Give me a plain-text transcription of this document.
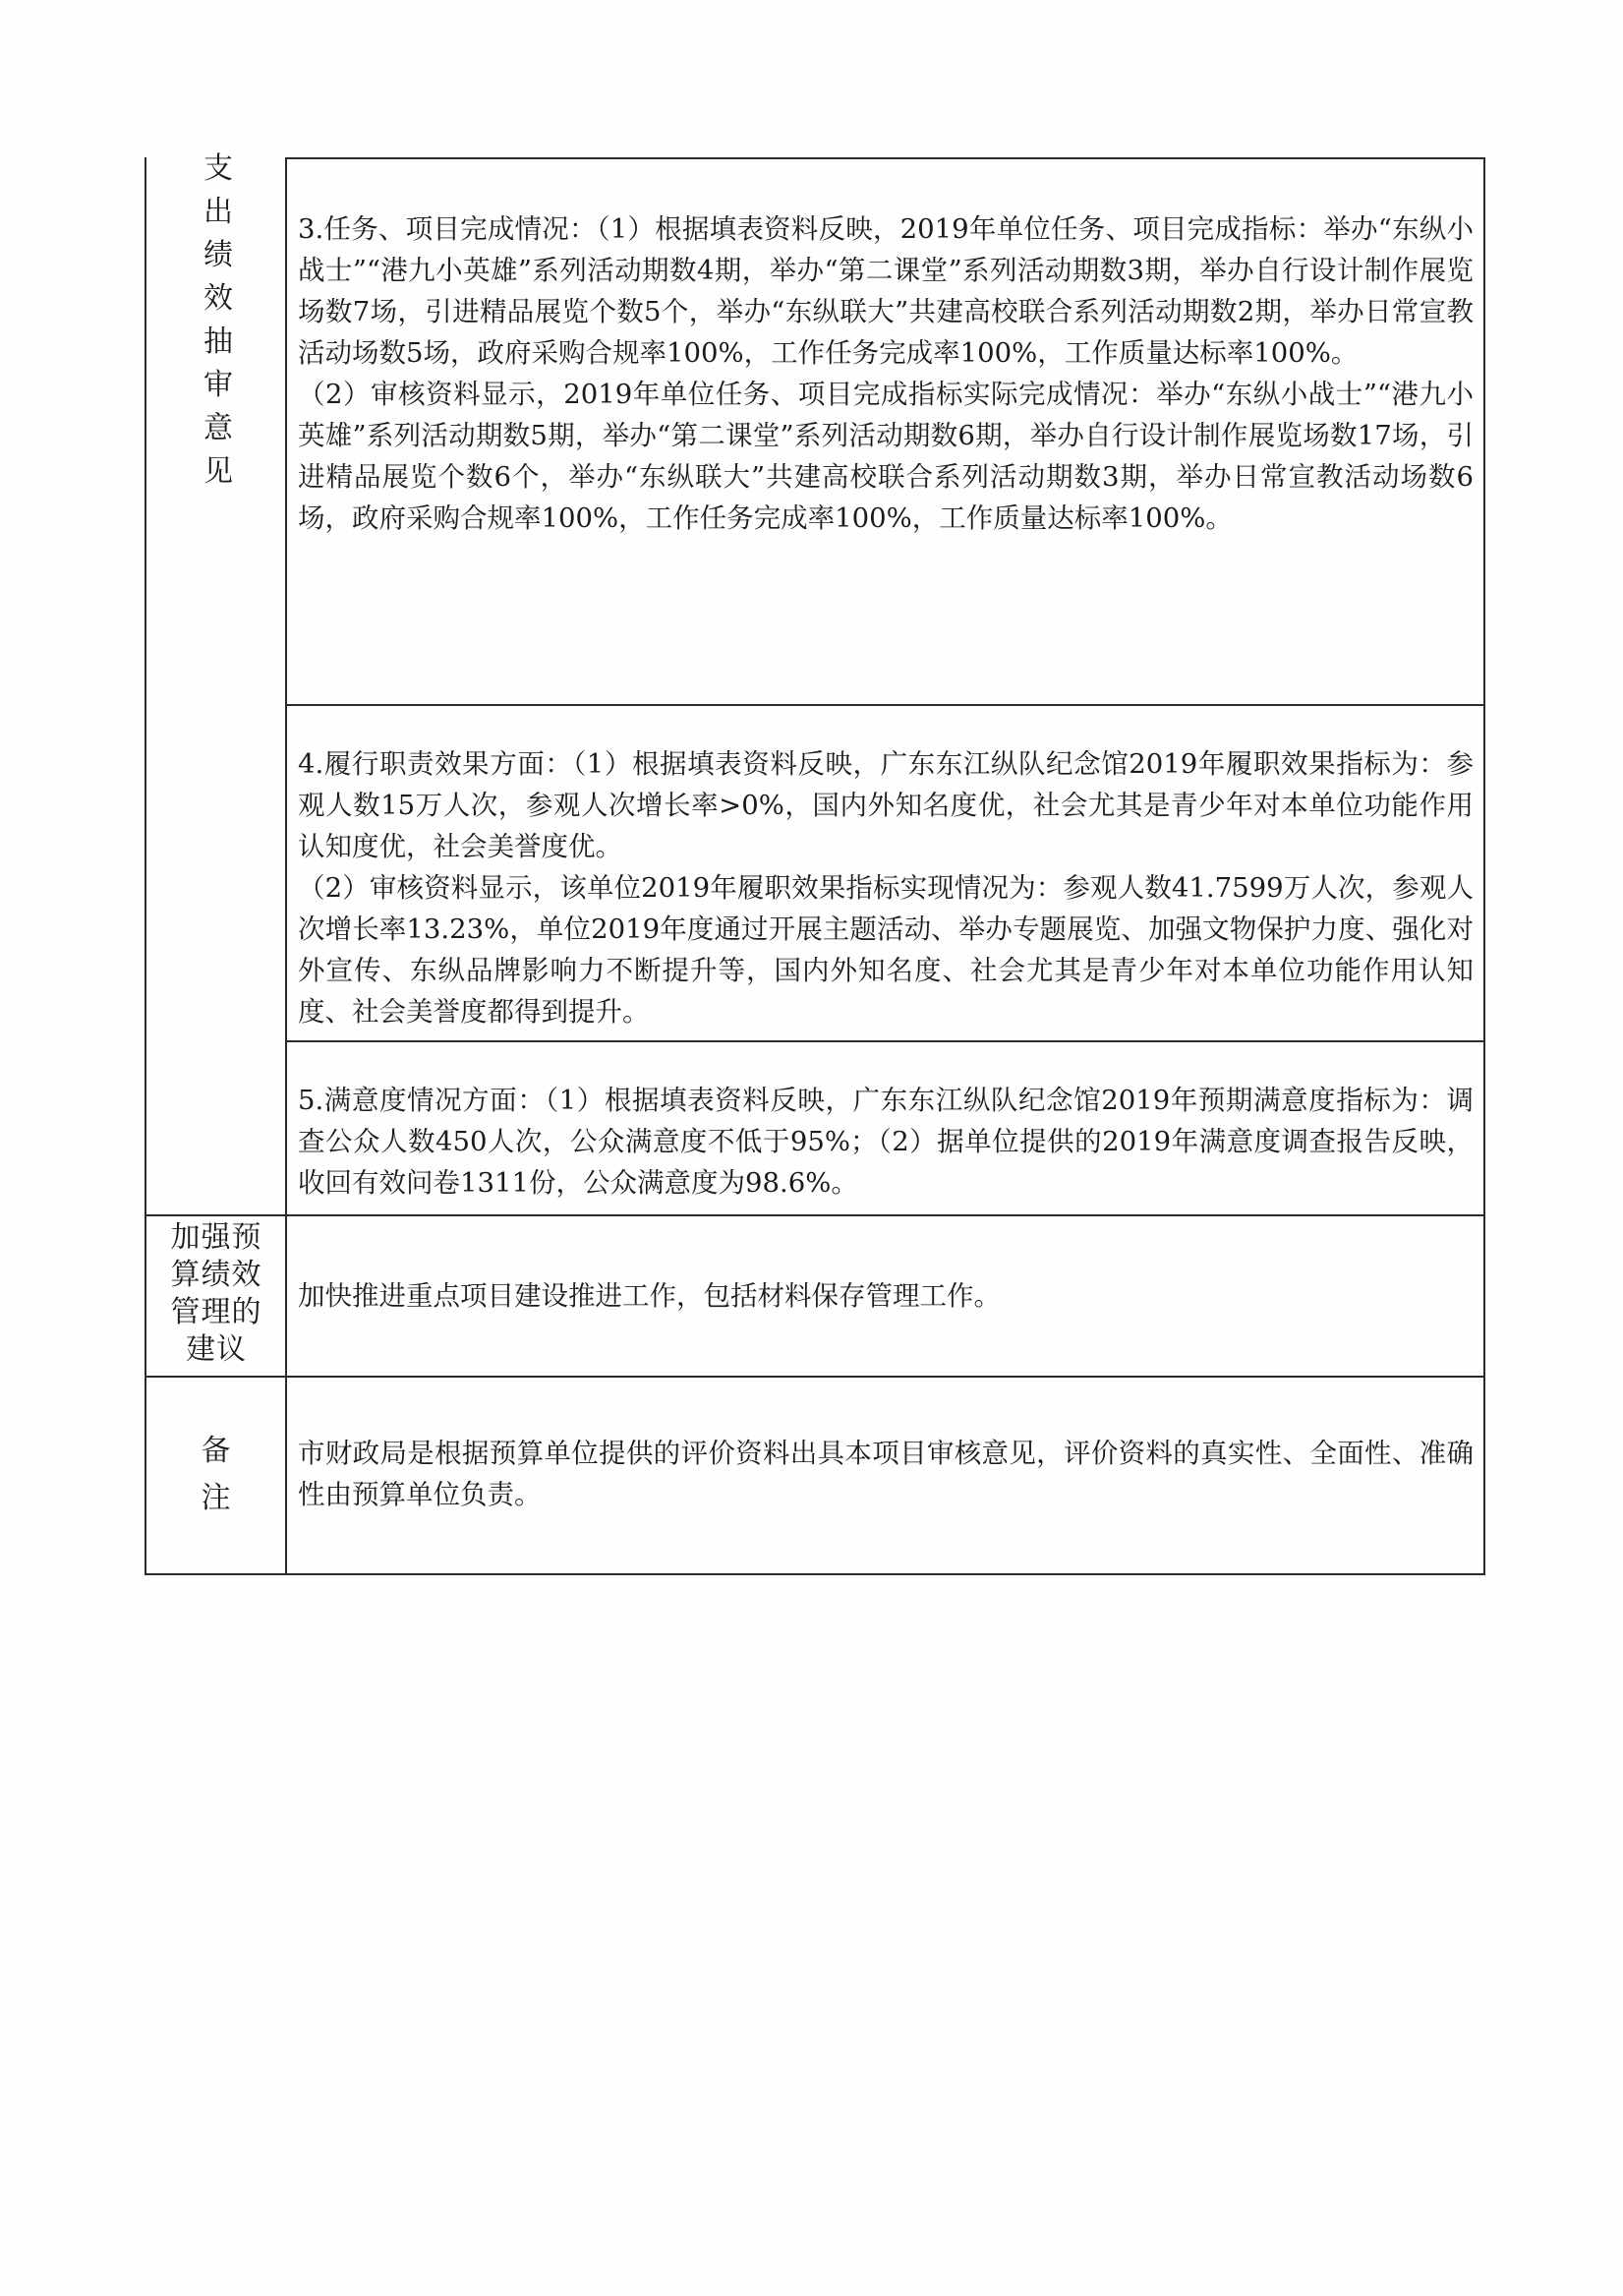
支
出
绩
效
抽
审
意
见

3.任务、项目完成情况：（1）根据填表资料反映，2019年单位任务、项目完成指标：举办“东纵小战士”“港九小英雄”系列活动期数4期，举办“第二课堂”系列活动期数3期，举办自行设计制作展览场数7场，引进精品展览个数5个，举办“东纵联大”共建高校联合系列活动期数2期，举办日常宣教活动场数5场，政府采购合规率100%，工作任务完成率100%，工作质量达标率100%。

（2）审核资料显示，2019年单位任务、项目完成指标实际完成情况：举办“东纵小战士”“港九小英雄”系列活动期数5期，举办“第二课堂”系列活动期数6期，举办自行设计制作展览场数17场，引进精品展览个数6个，举办“东纵联大”共建高校联合系列活动期数3期，举办日常宣教活动场数6场，政府采购合规率100%，工作任务完成率100%，工作质量达标率100%。

4.履行职责效果方面：（1）根据填表资料反映，广东东江纵队纪念馆2019年履职效果指标为：参观人数15万人次，参观人次增长率>0%，国内外知名度优，社会尤其是青少年对本单位功能作用认知度优，社会美誉度优。

（2）审核资料显示，该单位2019年履职效果指标实现情况为：参观人数41.7599万人次，参观人次增长率13.23%，单位2019年度通过开展主题活动、举办专题展览、加强文物保护力度、强化对外宣传、东纵品牌影响力不断提升等，国内外知名度、社会尤其是青少年对本单位功能作用认知度、社会美誉度都得到提升。

5.满意度情况方面：（1）根据填表资料反映，广东东江纵队纪念馆2019年预期满意度指标为：调查公众人数450人次，公众满意度不低于95%；（2）据单位提供的2019年满意度调查报告反映，收回有效问卷1311份，公众满意度为98.6%。

加强预
算绩效
管理的
建议
加快推进重点项目建设推进工作，包括材料保存管理工作。
备
注
市财政局是根据预算单位提供的评价资料出具本项目审核意见，评价资料的真实性、全面性、准确性由预算单位负责。
